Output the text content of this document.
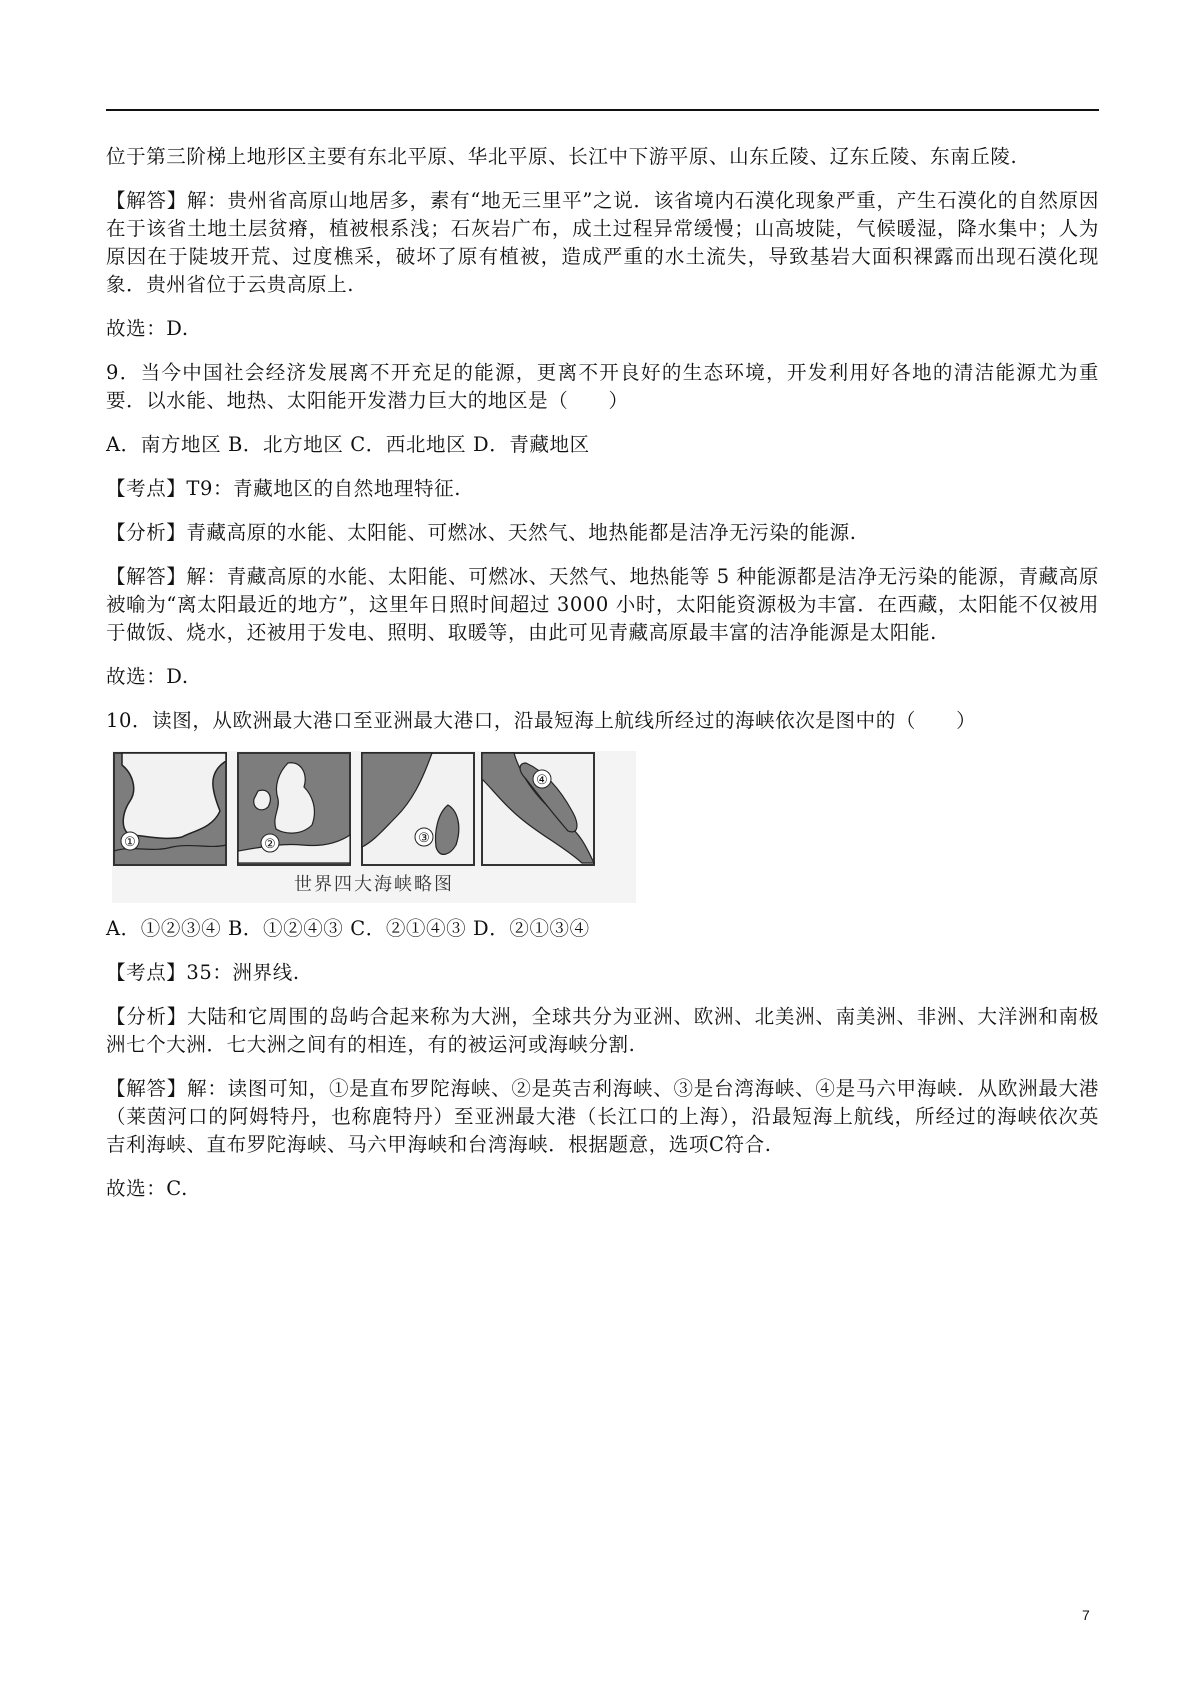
位于第三阶梯上地形区主要有东北平原、华北平原、长江中下游平原、山东丘陵、辽东丘陵、东南丘陵.

【解答】解：贵州省高原山地居多，素有“地无三里平”之说．该省境内石漠化现象严重，产生石漠化的自然原因在于该省土地土层贫瘠，植被根系浅；石灰岩广布，成土过程异常缓慢；山高坡陡，气候暖湿，降水集中；人为原因在于陡坡开荒、过度樵采，破坏了原有植被，造成严重的水土流失，导致基岩大面积裸露而出现石漠化现象．贵州省位于云贵高原上.

故选：D.

9．当今中国社会经济发展离不开充足的能源，更离不开良好的生态环境，开发利用好各地的清洁能源尤为重要．以水能、地热、太阳能开发潜力巨大的地区是（　　）

A．南方地区 B．北方地区 C．西北地区 D．青藏地区

【考点】T9：青藏地区的自然地理特征.

【分析】青藏高原的水能、太阳能、可燃冰、天然气、地热能都是洁净无污染的能源.

【解答】解：青藏高原的水能、太阳能、可燃冰、天然气、地热能等 5 种能源都是洁净无污染的能源，青藏高原被喻为“离太阳最近的地方”，这里年日照时间超过 3000 小时，太阳能资源极为丰富．在西藏，太阳能不仅被用于做饭、烧水，还被用于发电、照明、取暖等，由此可见青藏高原最丰富的洁净能源是太阳能.

故选：D.

10．读图，从欧洲最大港口至亚洲最大港口，沿最短海上航线所经过的海峡依次是图中的（　　）

①	②	③
④
世界四大海峡略图

A．①②③④ B．①②④③ C．②①④③ D．②①③④

【考点】35：洲界线.

【分析】大陆和它周围的岛屿合起来称为大洲，全球共分为亚洲、欧洲、北美洲、南美洲、非洲、大洋洲和南极洲七个大洲．七大洲之间有的相连，有的被运河或海峡分割.

【解答】解：读图可知，①是直布罗陀海峡、②是英吉利海峡、③是台湾海峡、④是马六甲海峡．从欧洲最大港（莱茵河口的阿姆特丹，也称鹿特丹）至亚洲最大港（长江口的上海），沿最短海上航线，所经过的海峡依次英吉利海峡、直布罗陀海峡、马六甲海峡和台湾海峡．根据题意，选项C符合.

故选：C.

7
